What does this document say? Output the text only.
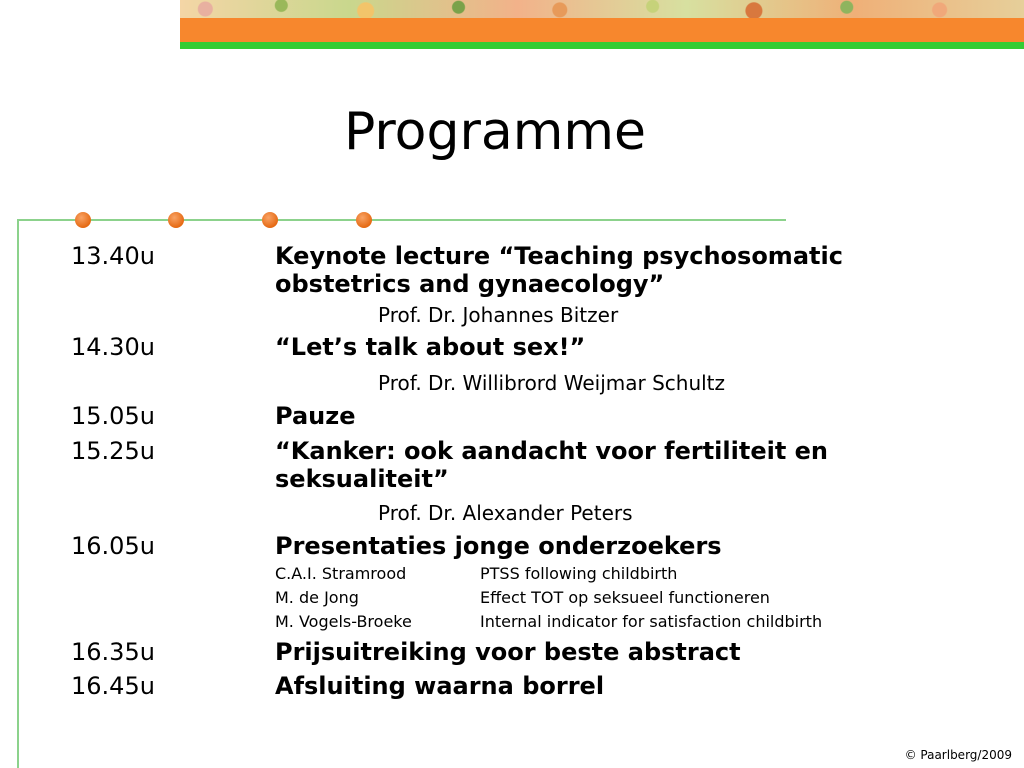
Programme
13.40u	Keynote lecture “Teaching psychosomatic obstetrics and gynaecology”
Prof. Dr. Johannes Bitzer
14.30u	“Let’s talk about sex!”
Prof. Dr. Willibrord Weijmar Schultz
15.05u	Pauze
15.25u	“Kanker: ook aandacht voor fertiliteit en seksualiteit”
Prof. Dr. Alexander Peters
16.05u	Presentaties jonge onderzoekers
C.A.I. Stramrood	PTSS following childbirth
M. de Jong	Effect TOT op seksueel functioneren
M. Vogels-Broeke	Internal indicator for satisfaction childbirth
16.35u	Prijsuitreiking voor beste abstract
16.45u	Afsluiting waarna borrel
© Paarlberg/2009
